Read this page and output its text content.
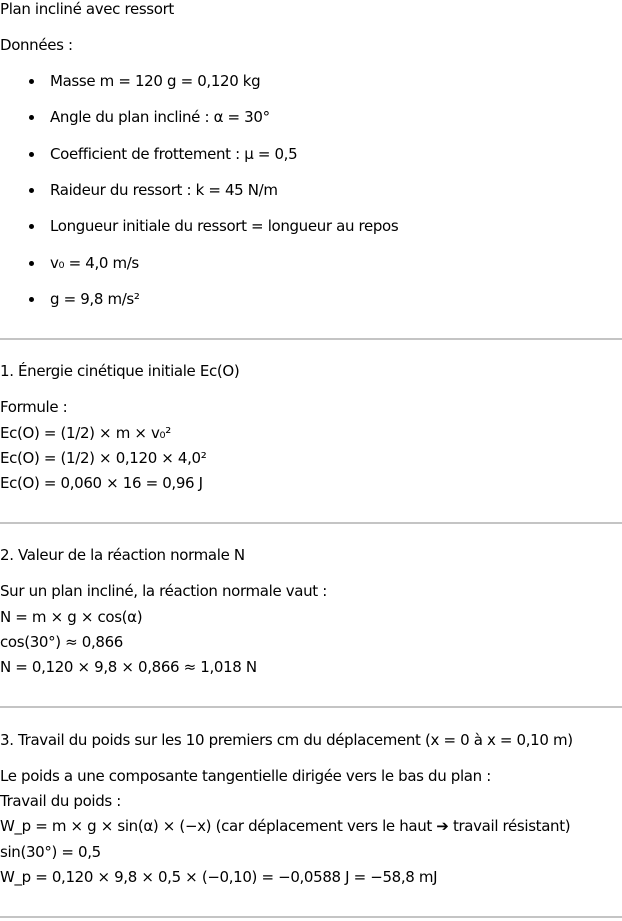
Plan incliné avec ressort
Données :
Masse m = 120 g = 0,120 kg
Angle du plan incliné : α = 30°
Coefficient de frottement : μ = 0,5
Raideur du ressort : k = 45 N/m
Longueur initiale du ressort = longueur au repos
v₀ = 4,0 m/s
g = 9,8 m/s²
1. Énergie cinétique initiale Ec(O)
Formule :
Ec(O) = (1/2) × m × v₀²
Ec(O) = (1/2) × 0,120 × 4,0²
Ec(O) = 0,060 × 16 = 0,96 J
2. Valeur de la réaction normale N
Sur un plan incliné, la réaction normale vaut :
N = m × g × cos(α)
cos(30°) ≈ 0,866
N = 0,120 × 9,8 × 0,866 ≈ 1,018 N
3. Travail du poids sur les 10 premiers cm du déplacement (x = 0 à x = 0,10 m)
Le poids a une composante tangentielle dirigée vers le bas du plan :
Travail du poids :
W_p = m × g × sin(α) × (−x) (car déplacement vers le haut ➔ travail résistant)
sin(30°) = 0,5
W_p = 0,120 × 9,8 × 0,5 × (−0,10) = −0,0588 J = −58,8 mJ
